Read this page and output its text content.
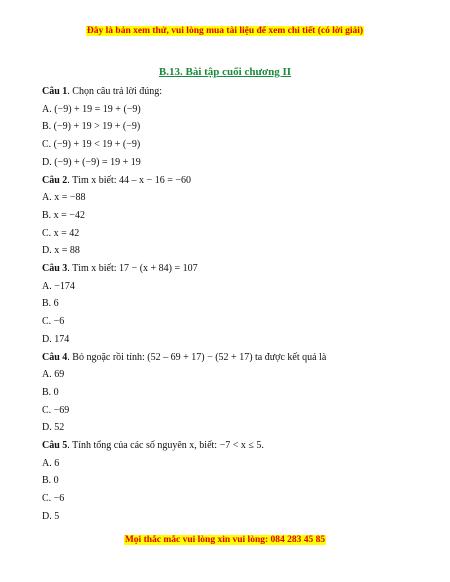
Đây là bản xem thử, vui lòng mua tài liệu để xem chi tiết (có lời giải)
B.13. Bài tập cuối chương II
Câu 1. Chọn câu trả lời đúng:
A. (−9) + 19 = 19 + (−9)
B. (−9) + 19 > 19 + (−9)
C. (−9) + 19 < 19 + (−9)
D. (−9) + (−9) = 19 + 19
Câu 2. Tìm x biết: 44 – x − 16 = −60
A. x = −88
B. x = −42
C. x = 42
D. x = 88
Câu 3. Tìm x biết: 17 − (x + 84) = 107
A. −174
B. 6
C. −6
D. 174
Câu 4. Bỏ ngoặc rồi tính: (52 – 69 + 17) − (52 + 17) ta được kết quả là
A. 69
B. 0
C. −69
D. 52
Câu 5. Tính tổng của các số nguyên x, biết: −7 < x ≤ 5.
A. 6
B. 0
C. −6
D. 5
Mọi thắc mắc vui lòng xin vui lòng: 084 283 45 85
